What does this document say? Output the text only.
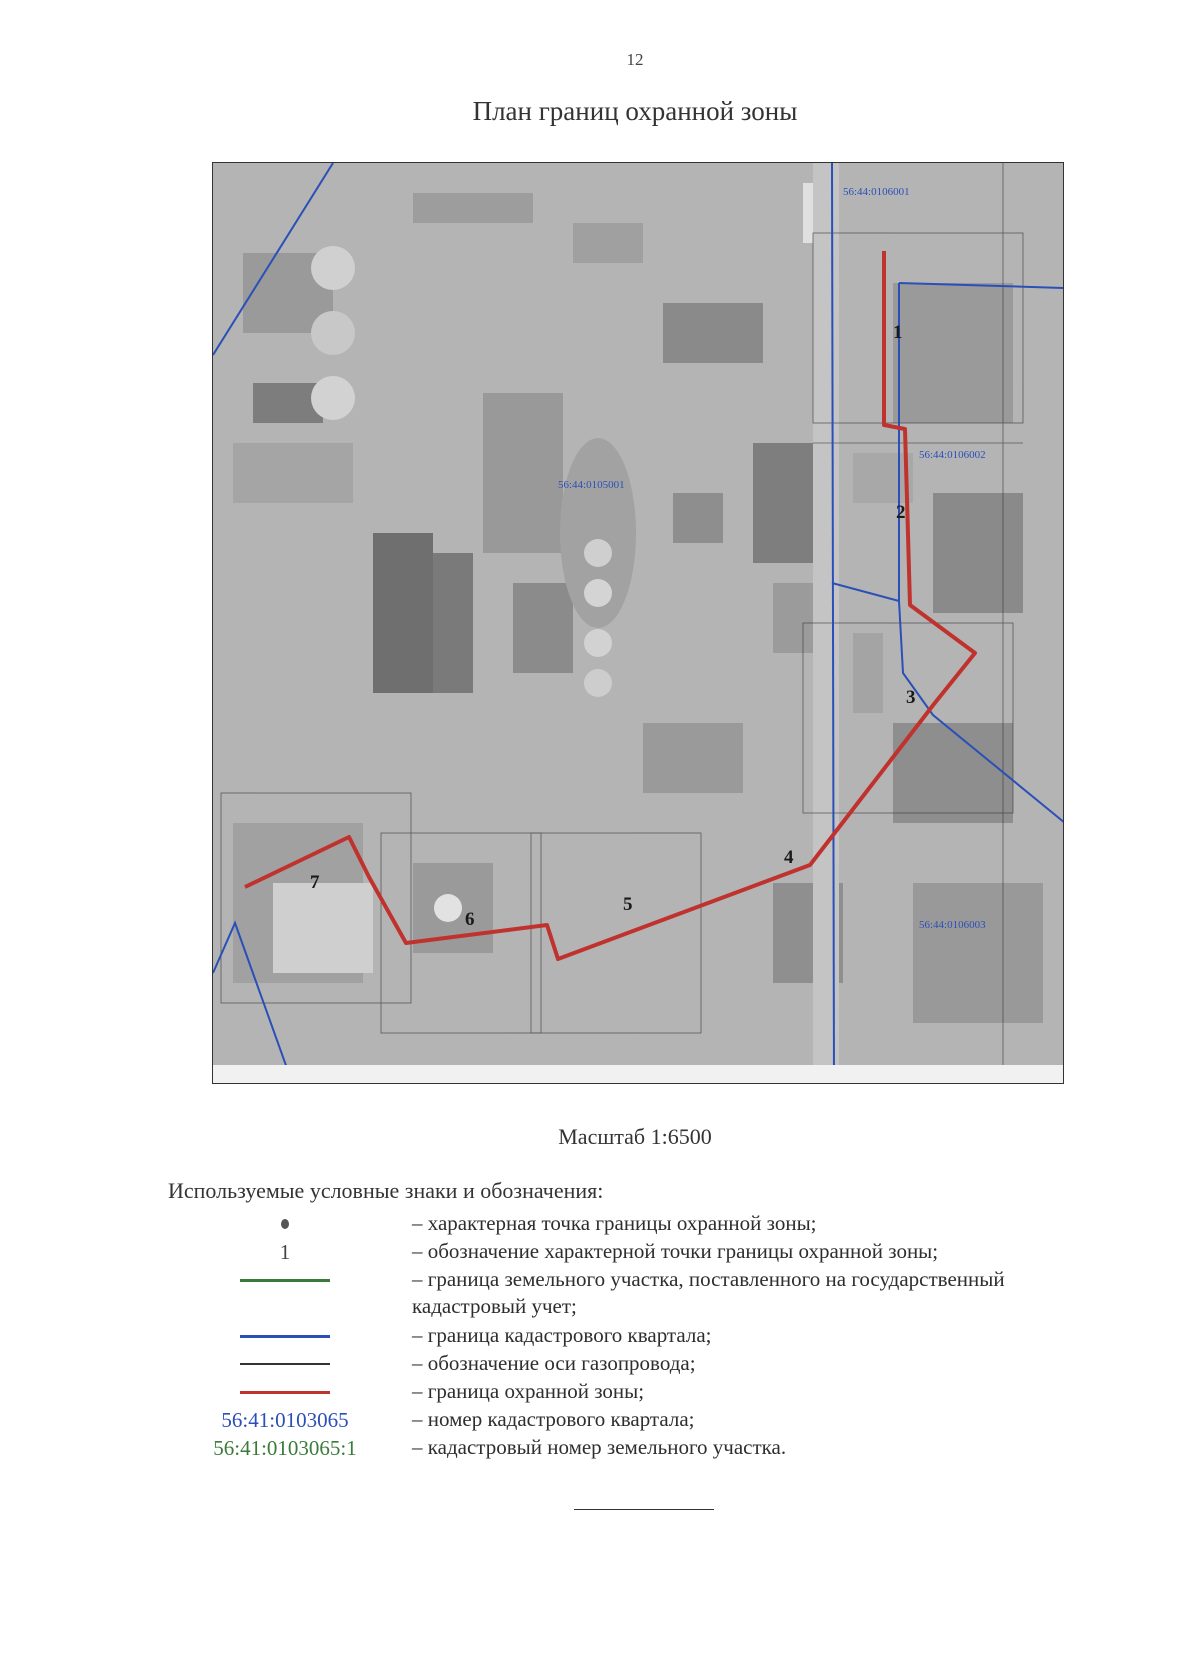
12
План границ охранной зоны
56:44:0106001
56:44:0106002
56:44:0105001
56:44:0106003
1
2
3
4
5
6
7
Масштаб 1:6500
Используемые условные знаки и обозначения:
– характерная точка границы охранной зоны;
1	– обозначение характерной точки границы охранной зоны;
– граница земельного участка, поставленного на государственный кадастровый учет;
– граница кадастрового квартала;
– обозначение оси газопровода;
– граница охранной зоны;
56:41:0103065	– номер кадастрового квартала;
56:41:0103065:1	– кадастровый номер земельного участка.
